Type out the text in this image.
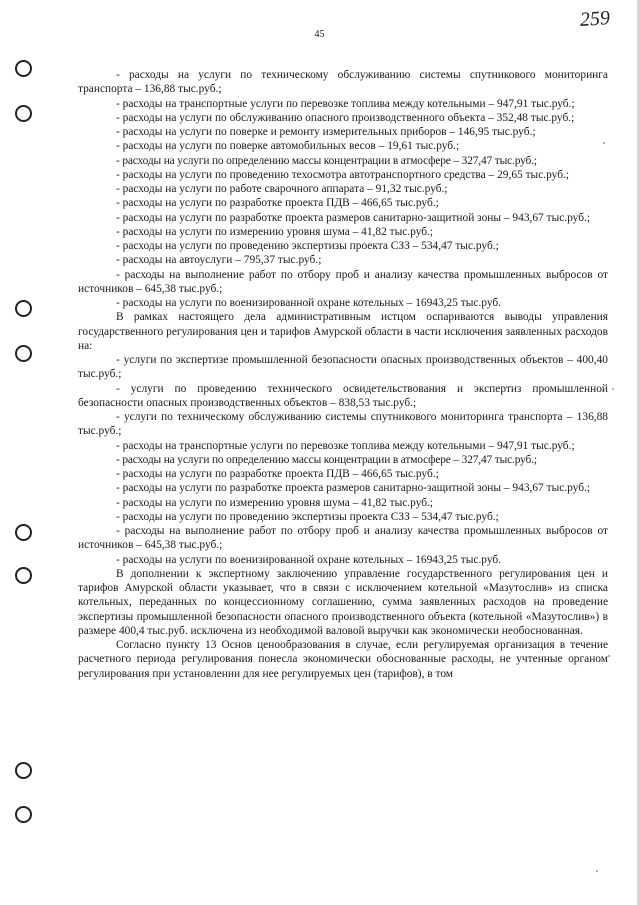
259
45

- расходы на услуги по техническому обслуживанию системы спутникового мониторинга транспорта – 136,88 тыс.руб.;

- расходы на транспортные услуги по перевозке топлива между котельными – 947,91 тыс.руб.;

- расходы на услуги по обслуживанию опасного производственного объекта – 352,48 тыс.руб.;

- расходы на услуги по поверке и ремонту измерительных приборов – 146,95 тыс.руб.;

- расходы на услуги по поверке автомобильных весов – 19,61 тыс.руб.;

- расходы на услуги по определению массы концентрации в атмосфере – 327,47 тыс.руб.;

- расходы на услуги по проведению техосмотра автотранспортного средства – 29,65 тыс.руб.;

- расходы на услуги по работе сварочного аппарата – 91,32 тыс.руб.;

- расходы на услуги по разработке проекта ПДВ – 466,65 тыс.руб.;

- расходы на услуги по разработке проекта размеров санитарно-защитной зоны – 943,67 тыс.руб.;

- расходы на услуги по измерению уровня шума – 41,82 тыс.руб.;

- расходы на услуги по проведению экспертизы проекта СЗЗ – 534,47 тыс.руб.;

- расходы на автоуслуги – 795,37 тыс.руб.;

- расходы на выполнение работ по отбору проб и анализу качества промышленных выбросов от источников – 645,38 тыс.руб.;

- расходы на услуги по военизированной охране котельных – 16943,25 тыс.руб.

В рамках настоящего дела административным истцом оспариваются выводы управления государственного регулирования цен и тарифов Амурской области в части исключения заявленных расходов на:

- услуги по экспертизе промышленной безопасности опасных производственных объектов – 400,40 тыс.руб.;

- услуги по проведению технического освидетельствования и экспертиз промышленной безопасности опасных производственных объектов – 838,53 тыс.руб.;

- услуги по техническому обслуживанию системы спутникового мониторинга транспорта – 136,88 тыс.руб.;

- расходы на транспортные услуги по перевозке топлива между котельными – 947,91 тыс.руб.;

- расходы на услуги по определению массы концентрации в атмосфере – 327,47 тыс.руб.;

- расходы на услуги по разработке проекта ПДВ – 466,65 тыс.руб.;

- расходы на услуги по разработке проекта размеров санитарно-защитной зоны – 943,67 тыс.руб.;

- расходы на услуги по измерению уровня шума – 41,82 тыс.руб.;

- расходы на услуги по проведению экспертизы проекта СЗЗ – 534,47 тыс.руб.;

- расходы на выполнение работ по отбору проб и анализу качества промышленных выбросов от источников – 645,38 тыс.руб.;

- расходы на услуги по военизированной охране котельных – 16943,25 тыс.руб.

В дополнении к экспертному заключению управление государственного регулирования цен и тарифов Амурской области указывает, что в связи с исключением котельной «Мазутослив» из списка котельных, переданных по концессионному соглашению, сумма заявленных расходов на проведение экспертизы промышленной безопасности опасного производственного объекта (котельной «Мазутослив») в размере 400,4 тыс.руб. исключена из необходимой валовой выручки как экономически необоснованная.

Согласно пункту 13 Основ ценообразования в случае, если регулируемая организация в течение расчетного периода регулирования понесла экономически обоснованные расходы, не учтенные органом регулирования при установлении для нее регулируемых цен (тарифов), в том
